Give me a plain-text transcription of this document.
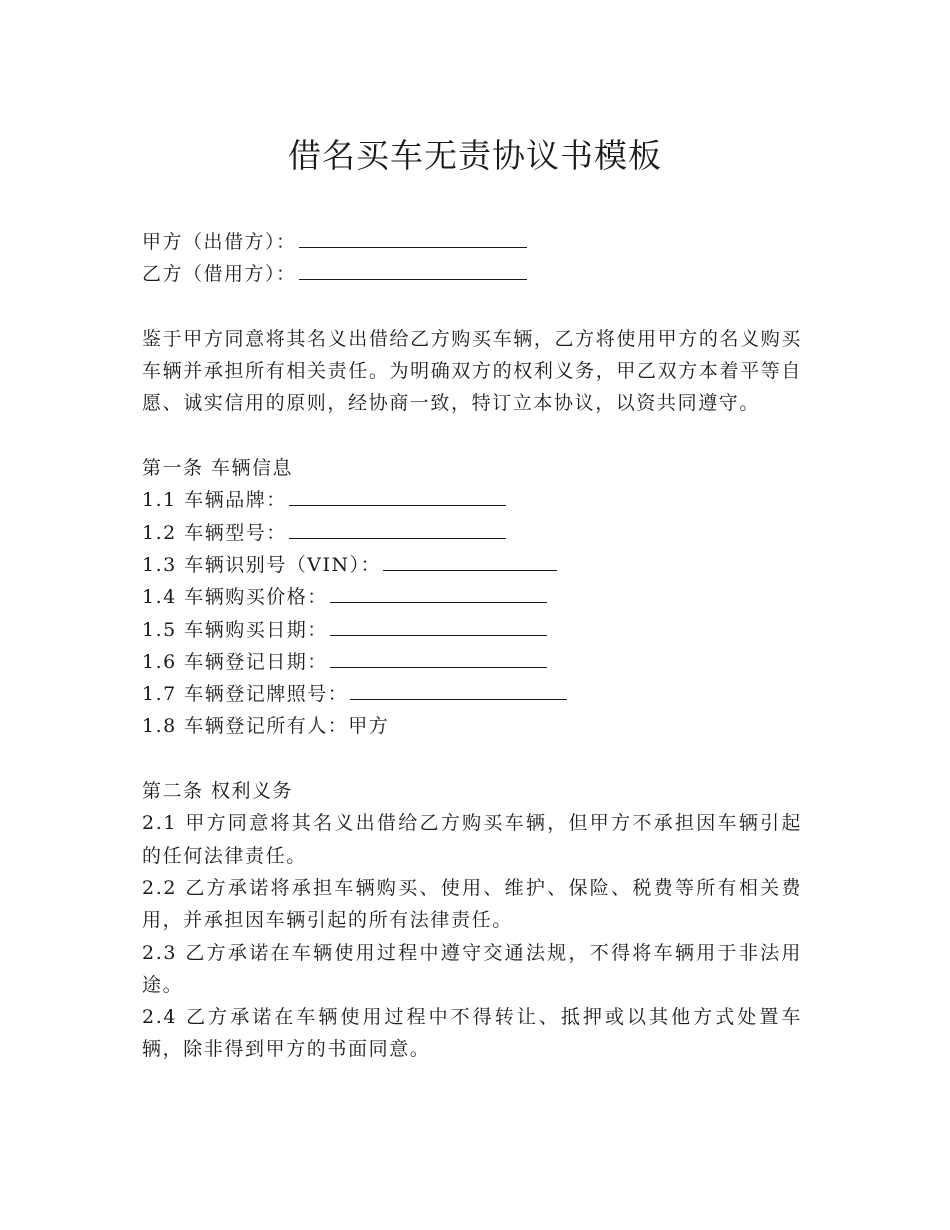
借名买车无责协议书模板

甲方（出借方）：

乙方（借用方）：

鉴于甲方同意将其名义出借给乙方购买车辆，乙方将使用甲方的名义购买车辆并承担所有相关责任。为明确双方的权利义务，甲乙双方本着平等自愿、诚实信用的原则，经协商一致，特订立本协议，以资共同遵守。

第一条 车辆信息

1.1 车辆品牌：

1.2 车辆型号：

1.3 车辆识别号（VIN）：

1.4 车辆购买价格：

1.5 车辆购买日期：

1.6 车辆登记日期：

1.7 车辆登记牌照号：

1.8 车辆登记所有人：甲方

第二条 权利义务

2.1 甲方同意将其名义出借给乙方购买车辆，但甲方不承担因车辆引起的任何法律责任。

2.2 乙方承诺将承担车辆购买、使用、维护、保险、税费等所有相关费用，并承担因车辆引起的所有法律责任。

2.3 乙方承诺在车辆使用过程中遵守交通法规，不得将车辆用于非法用途。

2.4 乙方承诺在车辆使用过程中不得转让、抵押或以其他方式处置车辆，除非得到甲方的书面同意。
